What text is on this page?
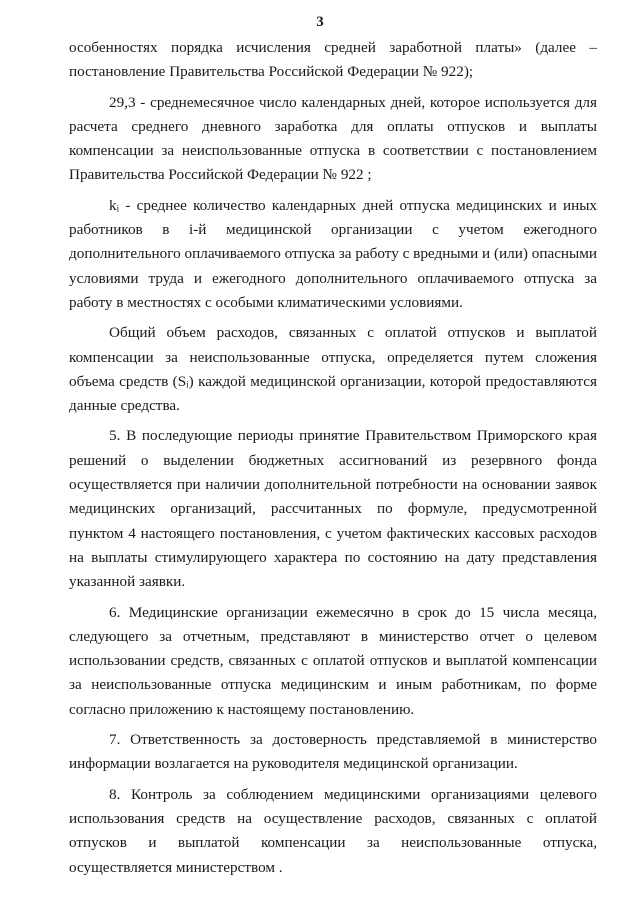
3

особенностях порядка исчисления средней заработной платы» (далее – постановление Правительства Российской Федерации № 922);

29,3 - среднемесячное число календарных дней, которое используется для расчета среднего дневного заработка для оплаты отпусков и выплаты компенсации за неиспользованные отпуска в соответствии с постановлением Правительства Российской Федерации № 922 ;

kᵢ - среднее количество календарных дней отпуска медицинских и иных работников в i-й медицинской организации с учетом ежегодного дополнительного оплачиваемого отпуска за работу с вредными и (или) опасными условиями труда и ежегодного дополнительного оплачиваемого отпуска за работу в местностях с особыми климатическими условиями.

Общий объем расходов, связанных с оплатой отпусков и выплатой компенсации за неиспользованные отпуска, определяется путем сложения объема средств (Sᵢ) каждой медицинской организации, которой предоставляются данные средства.

5. В последующие периоды принятие Правительством Приморского края решений о выделении бюджетных ассигнований из резервного фонда осуществляется при наличии дополнительной потребности на основании заявок медицинских организаций, рассчитанных по формуле, предусмотренной пунктом 4 настоящего постановления, с учетом фактических кассовых расходов на выплаты стимулирующего характера по состоянию на дату представления указанной заявки.

6. Медицинские организации ежемесячно в срок до 15 числа месяца, следующего за отчетным, представляют в министерство отчет о целевом использовании средств, связанных с оплатой отпусков и выплатой компенсации за неиспользованные отпуска медицинским и иным работникам, по форме согласно приложению к настоящему постановлению.

7. Ответственность за достоверность представляемой в министерство информации возлагается на руководителя медицинской организации.

8. Контроль за соблюдением медицинскими организациями целевого использования средств на осуществление расходов, связанных с оплатой отпусков и выплатой компенсации за неиспользованные отпуска, осуществляется министерством .
